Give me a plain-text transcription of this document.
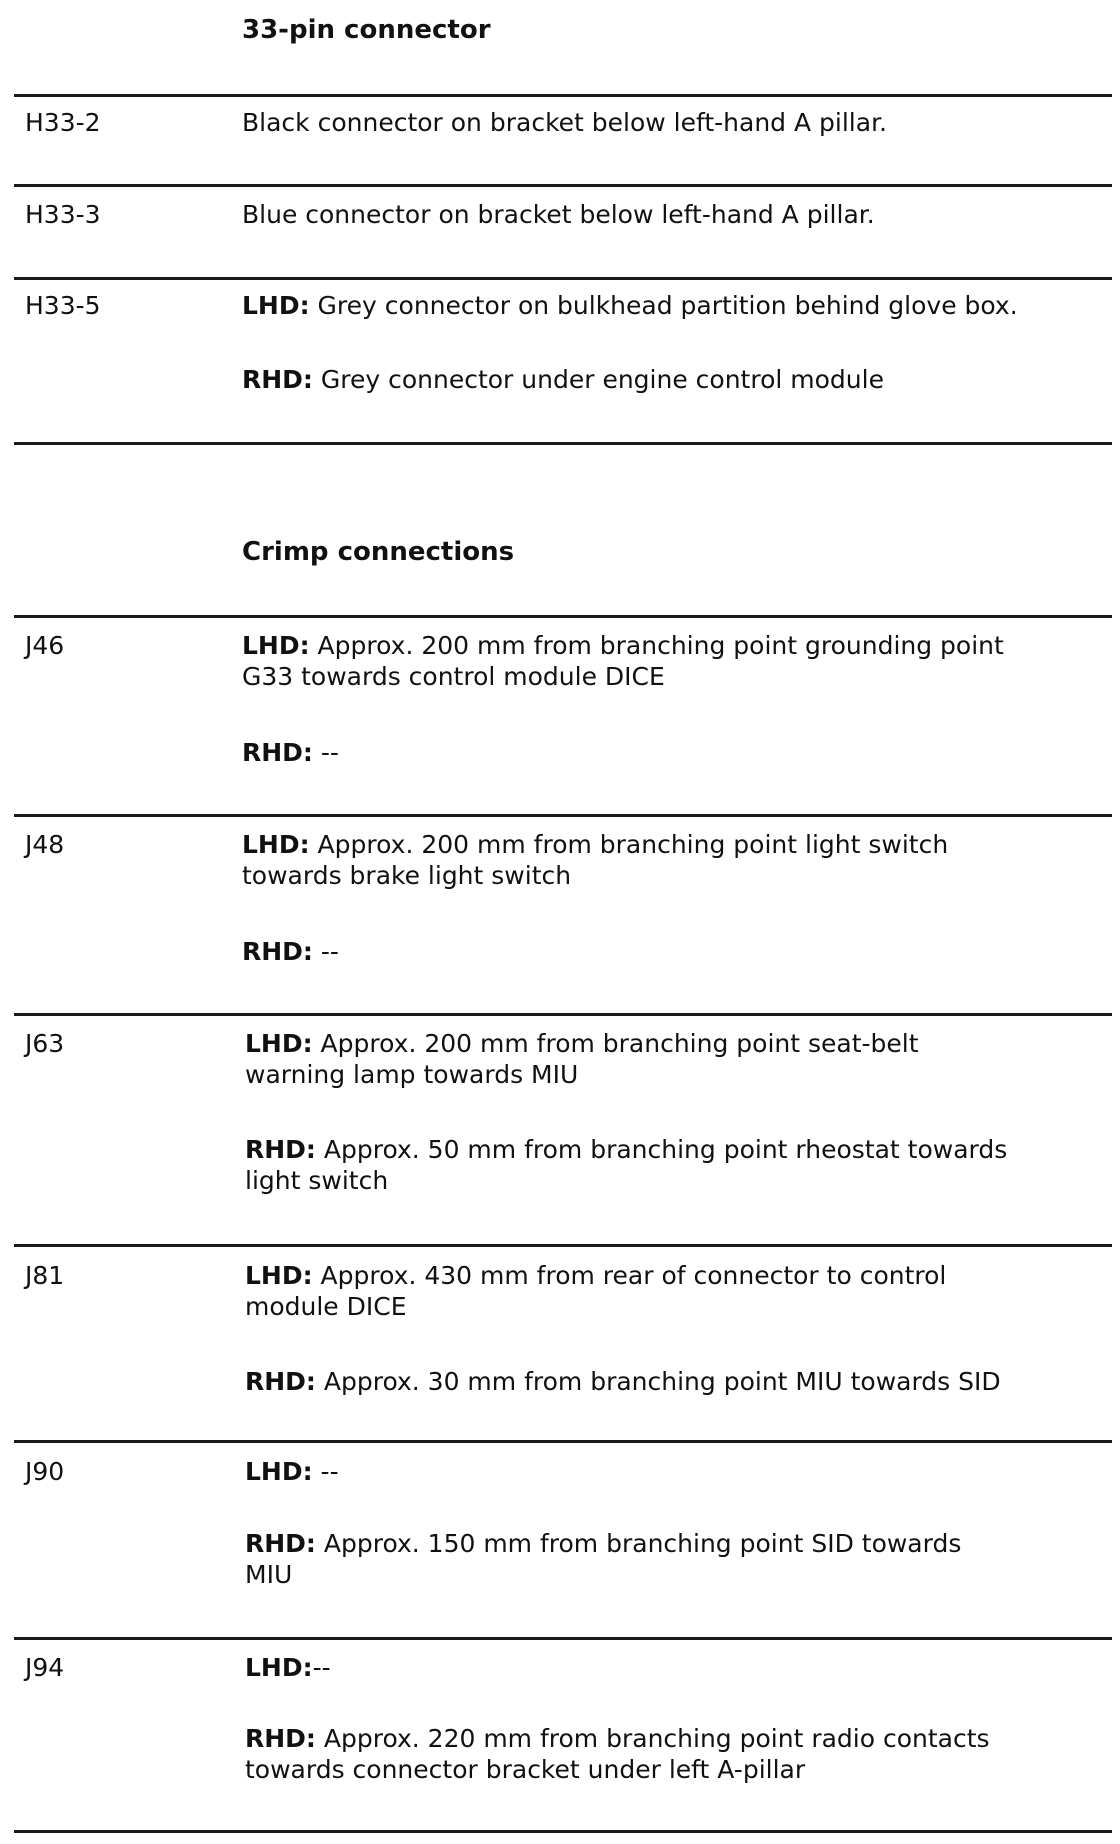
33-pin connector
H33-2	Black connector on bracket below left-hand A pillar.
H33-3	Blue connector on bracket below left-hand A pillar.
H33-5	LHD: Grey connector on bulkhead partition behind glove box.
RHD: Grey connector under engine control module
Crimp connections
J46	LHD: Approx. 200 mm from branching point grounding point
G33 towards control module DICE
RHD: --
J48	LHD: Approx. 200 mm from branching point light switch
towards brake light switch
RHD: --
J63	LHD: Approx. 200 mm from branching point seat-belt
warning lamp towards MIU
RHD: Approx. 50 mm from branching point rheostat towards
light switch
J81	LHD: Approx. 430 mm from rear of connector to control
module DICE
RHD: Approx. 30 mm from branching point MIU towards SID
J90	LHD: --
RHD: Approx. 150 mm from branching point SID towards
MIU
J94	LHD:--
RHD: Approx. 220 mm from branching point radio contacts
towards connector bracket under left A-pillar
